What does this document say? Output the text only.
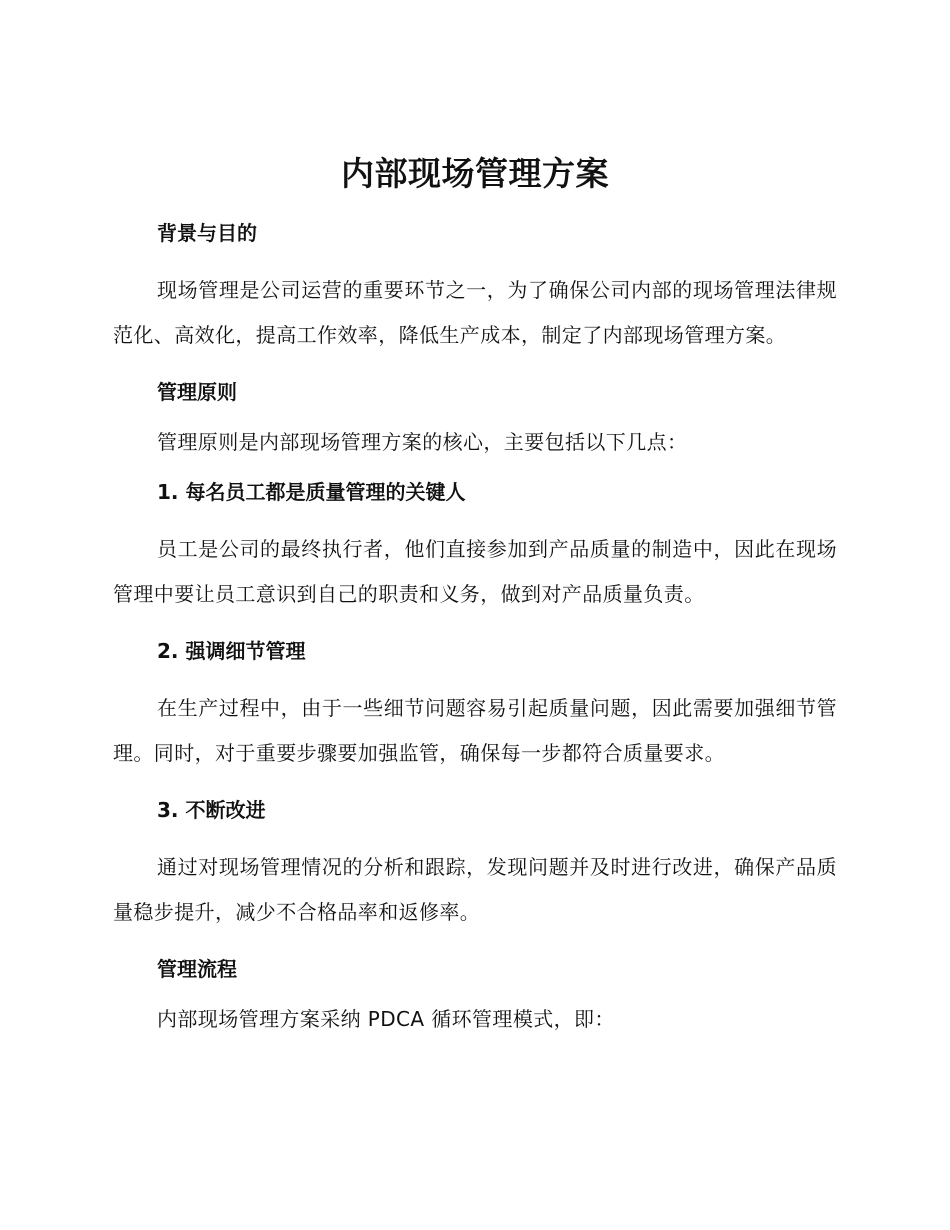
内部现场管理方案
背景与目的

现场管理是公司运营的重要环节之一，为了确保公司内部的现场管理法律规范化、高效化，提高工作效率，降低生产成本，制定了内部现场管理方案。

管理原则

管理原则是内部现场管理方案的核心，主要包括以下几点：

1. 每名员工都是质量管理的关键人

员工是公司的最终执行者，他们直接参加到产品质量的制造中，因此在现场管理中要让员工意识到自己的职责和义务，做到对产品质量负责。

2. 强调细节管理

在生产过程中，由于一些细节问题容易引起质量问题，因此需要加强细节管理。同时，对于重要步骤要加强监管，确保每一步都符合质量要求。

3. 不断改进

通过对现场管理情况的分析和跟踪，发现问题并及时进行改进，确保产品质量稳步提升，减少不合格品率和返修率。

管理流程

内部现场管理方案采纳 PDCA 循环管理模式，即：
